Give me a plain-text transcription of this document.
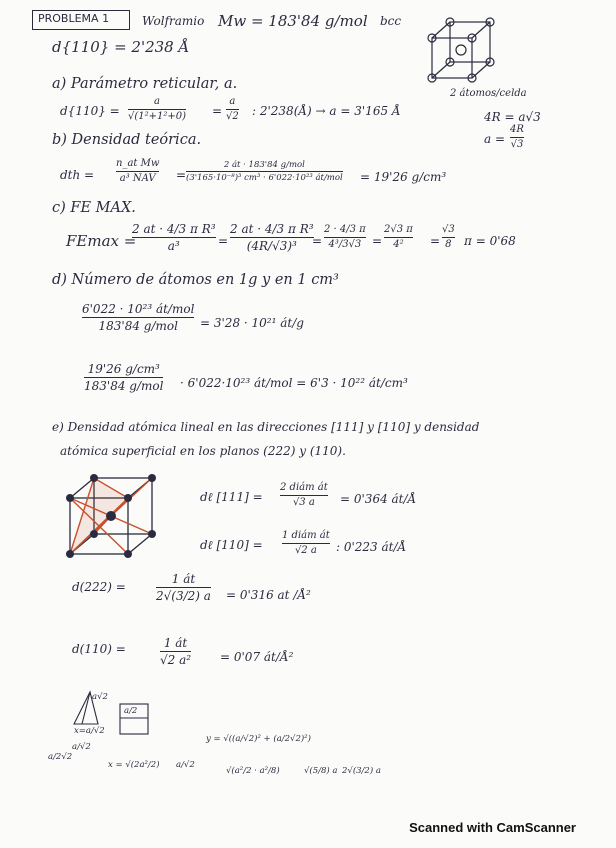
PROBLEMA 1	Wolframio Mw = 183'84 g/mol bcc
d{110} = 2'238 Å
2 átomos/celda
4R = a√3
a =
4R
√3
a) Parámetro reticular, a.
d{110} =
a
√(1²+1²+0) =
a
√2 : 2'238(Å) → a = 3'165 Å
b) Densidad teórica.
dth =
n_at Mw
a³ NAV =
2 át · 183'84 g/mol
(3'165·10⁻⁸)³ cm³ · 6'022·10²³ át/mol = 19'26 g/cm³
c) FE MAX.
FEmax =
2 at · 4/3 π R³
a³	=
2 at · 4/3 π R³
(4R/√3)³ =
2 · 4/3 π
4³/3√3 =
2√3 π
4² =
√3
8 π = 0'68
d) Número de átomos en 1g y en 1 cm³
6'022 · 10²³ át/mol
183'84 g/mol = 3'28 · 10²¹ át/g
19'26 g/cm³
183'84 g/mol · 6'022·10²³ át/mol = 6'3 · 10²² át/cm³
e) Densidad atómica lineal en las direcciones [111] y [110] y densidad
atómica superficial en los planos (222) y (110).
dℓ [111] =
2 diám át
√3 a = 0'364 át/Å
dℓ [110] =
1 diám át
√2 a : 0'223 át/Å
d(222) =
1 át
2√(3/2) a = 0'316 at /Å²
d(110) =	1 át
√2 a² = 0'07 át/Å²
a√2
x=a/√2
a/2
a/2√2
x = √(2a²/2) a/√2
y = √((a/√2)² + (a/2√2)²)
√(a²/2 · a²/8)	√(5/8) a 2√(3/2) a
a/√2
Scanned with CamScanner
